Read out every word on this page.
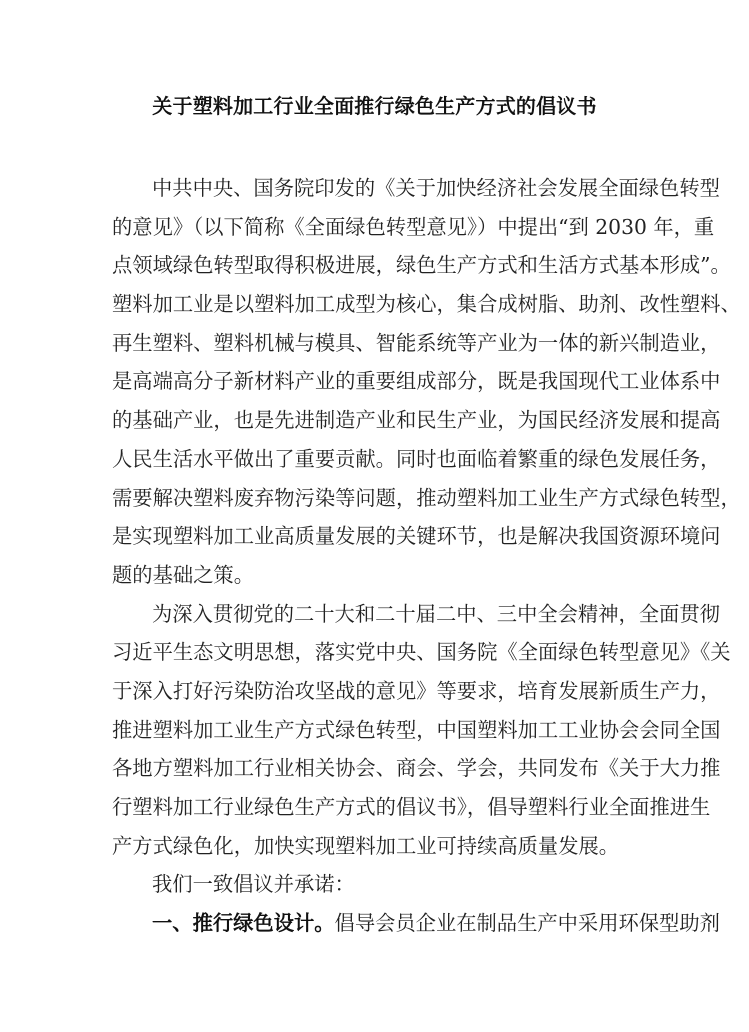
关于塑料加工行业全面推行绿色生产方式的倡议书
中共中央、国务院印发的《关于加快经济社会发展全面绿色转型
的意见》（以下简称《全面绿色转型意见》）中提出“到 2030 年，重
点领域绿色转型取得积极进展，绿色生产方式和生活方式基本形成”。
塑料加工业是以塑料加工成型为核心，集合成树脂、助剂、改性塑料、
再生塑料、塑料机械与模具、智能系统等产业为一体的新兴制造业，
是高端高分子新材料产业的重要组成部分，既是我国现代工业体系中
的基础产业，也是先进制造产业和民生产业，为国民经济发展和提高
人民生活水平做出了重要贡献。同时也面临着繁重的绿色发展任务，
需要解决塑料废弃物污染等问题，推动塑料加工业生产方式绿色转型，
是实现塑料加工业高质量发展的关键环节，也是解决我国资源环境问
题的基础之策。
为深入贯彻党的二十大和二十届二中、三中全会精神，全面贯彻
习近平生态文明思想，落实党中央、国务院《全面绿色转型意见》《关
于深入打好污染防治攻坚战的意见》等要求，培育发展新质生产力，
推进塑料加工业生产方式绿色转型，中国塑料加工工业协会会同全国
各地方塑料加工行业相关协会、商会、学会，共同发布《关于大力推
行塑料加工行业绿色生产方式的倡议书》，倡导塑料行业全面推进生
产方式绿色化，加快实现塑料加工业可持续高质量发展。
我们一致倡议并承诺：
一、推行绿色设计。倡导会员企业在制品生产中采用环保型助剂
